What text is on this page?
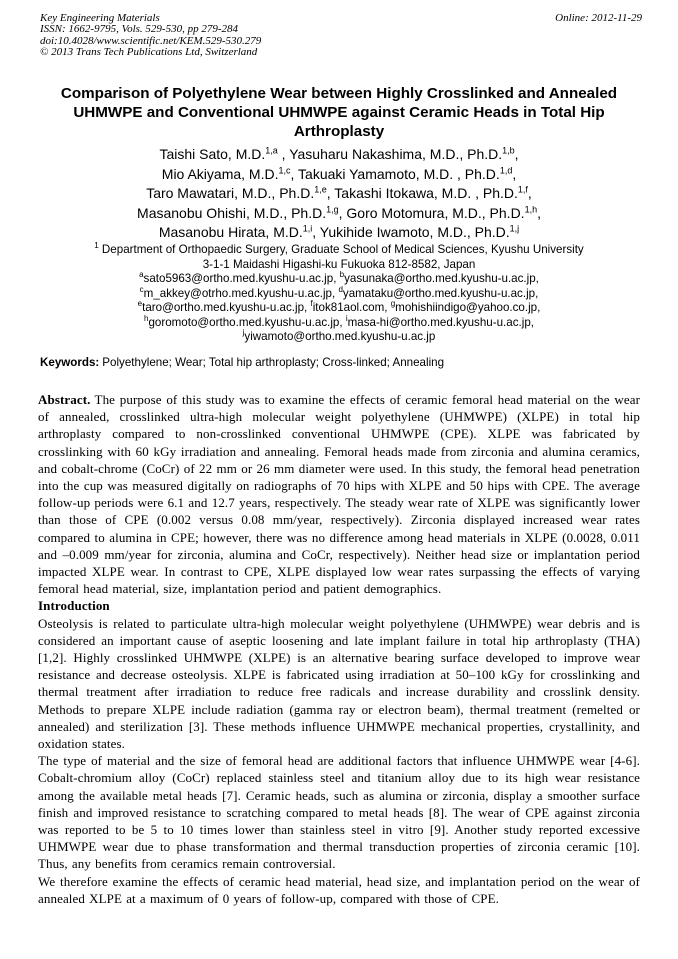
Key Engineering Materials
ISSN: 1662-9795, Vols. 529-530, pp 279-284
doi:10.4028/www.scientific.net/KEM.529-530.279
© 2013 Trans Tech Publications Ltd, Switzerland
Online: 2012-11-29
Comparison of Polyethylene Wear between Highly Crosslinked and Annealed UHMWPE and Conventional UHMWPE against Ceramic Heads in Total Hip Arthroplasty
Taishi Sato, M.D.$^{1,a}$ , Yasuharu Nakashima, M.D., Ph.D.$^{1,b}$,
Mio Akiyama, M.D.$^{1,c}$, Takuaki Yamamoto, M.D. , Ph.D.$^{1,d}$,
Taro Mawatari, M.D., Ph.D.$^{1,e}$, Takashi Itokawa, M.D. , Ph.D.$^{1,f}$,
Masanobu Ohishi, M.D., Ph.D.$^{1,g}$, Goro Motomura, M.D., Ph.D.$^{1,h}$,
Masanobu Hirata, M.D.$^{1,i}$, Yukihide Iwamoto, M.D., Ph.D.$^{1,j}$
$^1$ Department of Orthopaedic Surgery, Graduate School of Medical Sciences, Kyushu University
3-1-1 Maidashi Higashi-ku Fukuoka 812-8582, Japan
$^a$sato5963@ortho.med.kyushu-u.ac.jp, $^b$yasunaka@ortho.med.kyushu-u.ac.jp,
$^c$m_akkey@otrho.med.kyushu-u.ac.jp, $^d$yamataku@ortho.med.kyushu-u.ac.jp,
$^e$taro@ortho.med.kyushu-u.ac.jp, $^f$itok81aol.com, $^g$mohishiindigo@yahoo.co.jp,
$^h$goromoto@ortho.med.kyushu-u.ac.jp, $^i$masa-hi@ortho.med.kyushu-u.ac.jp,
$^j$yiwamoto@ortho.med.kyushu-u.ac.jp
Keywords: Polyethylene; Wear; Total hip arthroplasty; Cross-linked; Annealing

Abstract. The purpose of this study was to examine the effects of ceramic femoral head material on the wear of annealed, crosslinked ultra-high molecular weight polyethylene (UHMWPE) (XLPE) in total hip arthroplasty compared to non-crosslinked conventional UHMWPE (CPE). XLPE was fabricated by crosslinking with 60 kGy irradiation and annealing. Femoral heads made from zirconia and alumina ceramics, and cobalt-chrome (CoCr) of 22 mm or 26 mm diameter were used. In this study, the femoral head penetration into the cup was measured digitally on radiographs of 70 hips with XLPE and 50 hips with CPE. The average follow-up periods were 6.1 and 12.7 years, respectively. The steady wear rate of XLPE was significantly lower than those of CPE (0.002 versus 0.08 mm/year, respectively). Zirconia displayed increased wear rates compared to alumina in CPE; however, there was no difference among head materials in XLPE (0.0028, 0.011 and –0.009 mm/year for zirconia, alumina and CoCr, respectively). Neither head size or implantation period impacted XLPE wear. In contrast to CPE, XLPE displayed low wear rates surpassing the effects of varying femoral head material, size, implantation period and patient demographics.

Introduction

Osteolysis is related to particulate ultra-high molecular weight polyethylene (UHMWPE) wear debris and is considered an important cause of aseptic loosening and late implant failure in total hip arthroplasty (THA) [1,2]. Highly crosslinked UHMWPE (XLPE) is an alternative bearing surface developed to improve wear resistance and decrease osteolysis. XLPE is fabricated using irradiation at 50–100 kGy for crosslinking and thermal treatment after irradiation to reduce free radicals and increase durability and crosslink density. Methods to prepare XLPE include radiation (gamma ray or electron beam), thermal treatment (remelted or annealed) and sterilization [3]. These methods influence UHMWPE mechanical properties, crystallinity, and oxidation states.

The type of material and the size of femoral head are additional factors that influence UHMWPE wear [4-6]. Cobalt-chromium alloy (CoCr) replaced stainless steel and titanium alloy due to its high wear resistance among the available metal heads [7]. Ceramic heads, such as alumina or zirconia, display a smoother surface finish and improved resistance to scratching compared to metal heads [8]. The wear of CPE against zirconia was reported to be 5 to 10 times lower than stainless steel in vitro [9]. Another study reported excessive UHMWPE wear due to phase transformation and thermal transduction properties of zirconia ceramic [10]. Thus, any benefits from ceramics remain controversial.

We therefore examine the effects of ceramic head material, head size, and implantation period on the wear of annealed XLPE at a maximum of 0 years of follow-up, compared with those of CPE.
